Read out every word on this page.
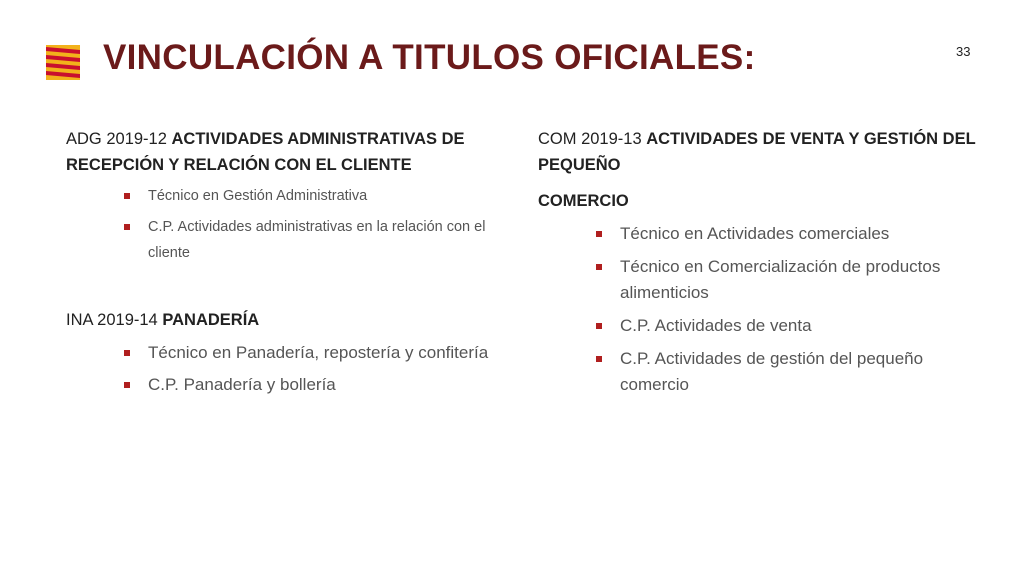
VINCULACIÓN A TITULOS OFICIALES:	33

ADG 2019-12 ACTIVIDADES ADMINISTRATIVAS DE RECEPCIÓN Y RELACIÓN CON EL CLIENTE

Técnico en Gestión Administrativa
C.P. Actividades administrativas en la relación con el cliente

INA 2019-14 PANADERÍA

Técnico en Panadería, repostería y confitería
C.P. Panadería y bollería

COM 2019-13 ACTIVIDADES DE VENTA Y GESTIÓN DEL PEQUEÑO

COMERCIO
Técnico en Actividades comerciales
Técnico en Comercialización de productos alimenticios
C.P. Actividades de venta
C.P. Actividades de gestión del pequeño comercio
